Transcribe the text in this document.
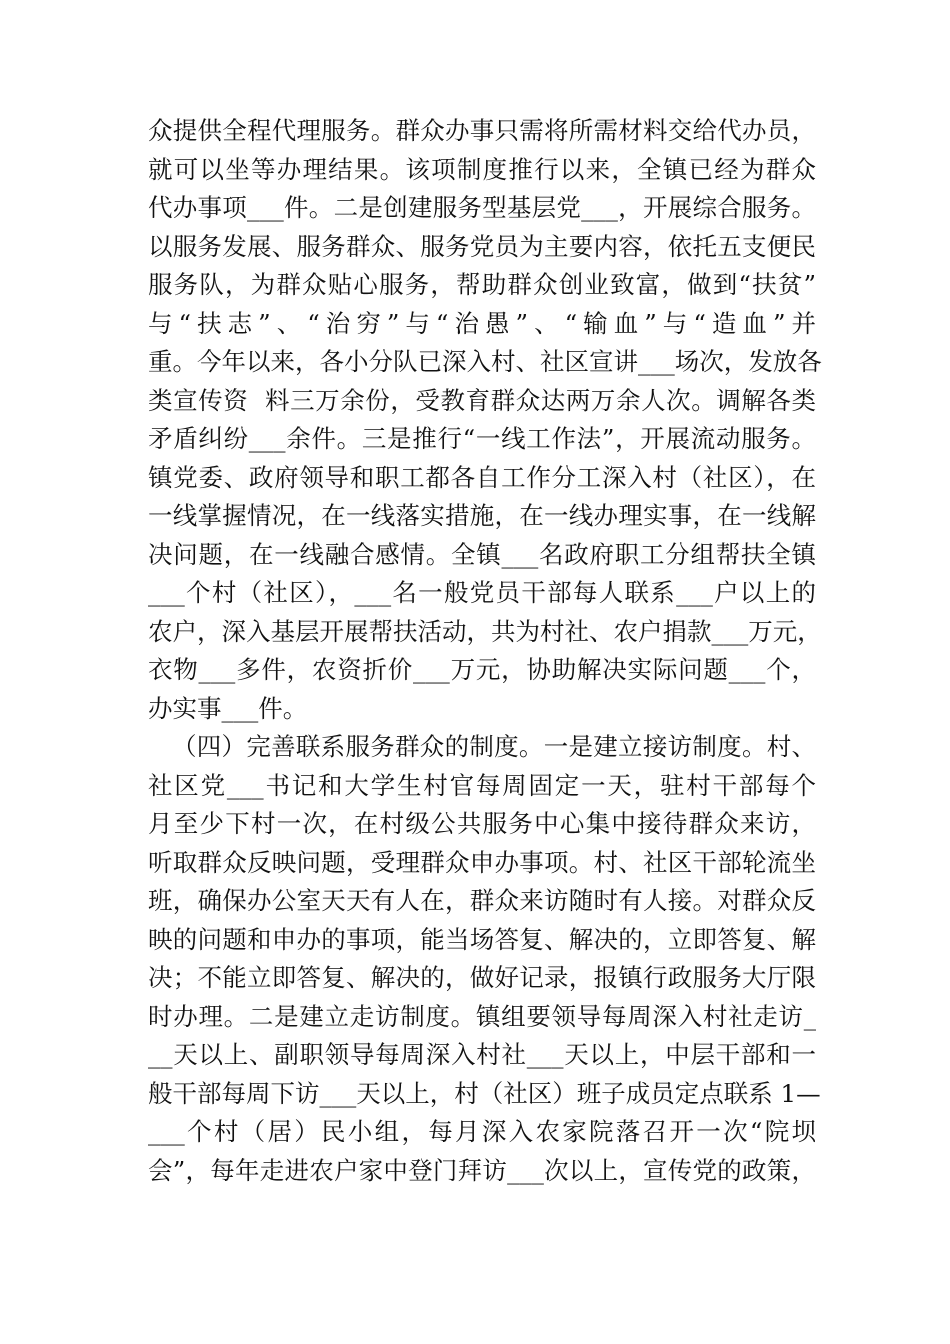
众提供全程代理服务。群众办事只需将所需材料交给代办员，
就可以坐等办理结果。该项制度推行以来，全镇已经为群众
代办事项___件。二是创建服务型基层党___，开展综合服务。
以服务发展、服务群众、服务党员为主要内容，依托五支便民
服务队，为群众贴心服务，帮助群众创业致富，做到“扶贫”
与“扶志”、“治穷”与“治愚”、“输血”与“造血”并
重。今年以来，各小分队已深入村、社区宣讲___场次，发放各
类宣传资  料三万余份，受教育群众达两万余人次。调解各类
矛盾纠纷___余件。三是推行“一线工作法”，开展流动服务。
镇党委、政府领导和职工都各自工作分工深入村（社区），在
一线掌握情况，在一线落实措施，在一线办理实事，在一线解
决问题，在一线融合感情。全镇___名政府职工分组帮扶全镇
___个村（社区），___名一般党员干部每人联系___户以上的
农户，深入基层开展帮扶活动，共为村社、农户捐款___万元，
衣物___多件，农资折价___万元，协助解决实际问题___个，
办实事___件。
（四）完善联系服务群众的制度。一是建立接访制度。村、
社区党___书记和大学生村官每周固定一天，驻村干部每个
月至少下村一次，在村级公共服务中心集中接待群众来访，
听取群众反映问题，受理群众申办事项。村、社区干部轮流坐
班，确保办公室天天有人在，群众来访随时有人接。对群众反
映的问题和申办的事项，能当场答复、解决的，立即答复、解
决；不能立即答复、解决的，做好记录，报镇行政服务大厅限
时办理。二是建立走访制度。镇组要领导每周深入村社走访_
__天以上、副职领导每周深入村社___天以上，中层干部和一
般干部每周下访___天以上，村（社区）班子成员定点联系 1—
___个村（居）民小组，每月深入农家院落召开一次“院坝
会”，每年走进农户家中登门拜访___次以上，宣传党的政策，
